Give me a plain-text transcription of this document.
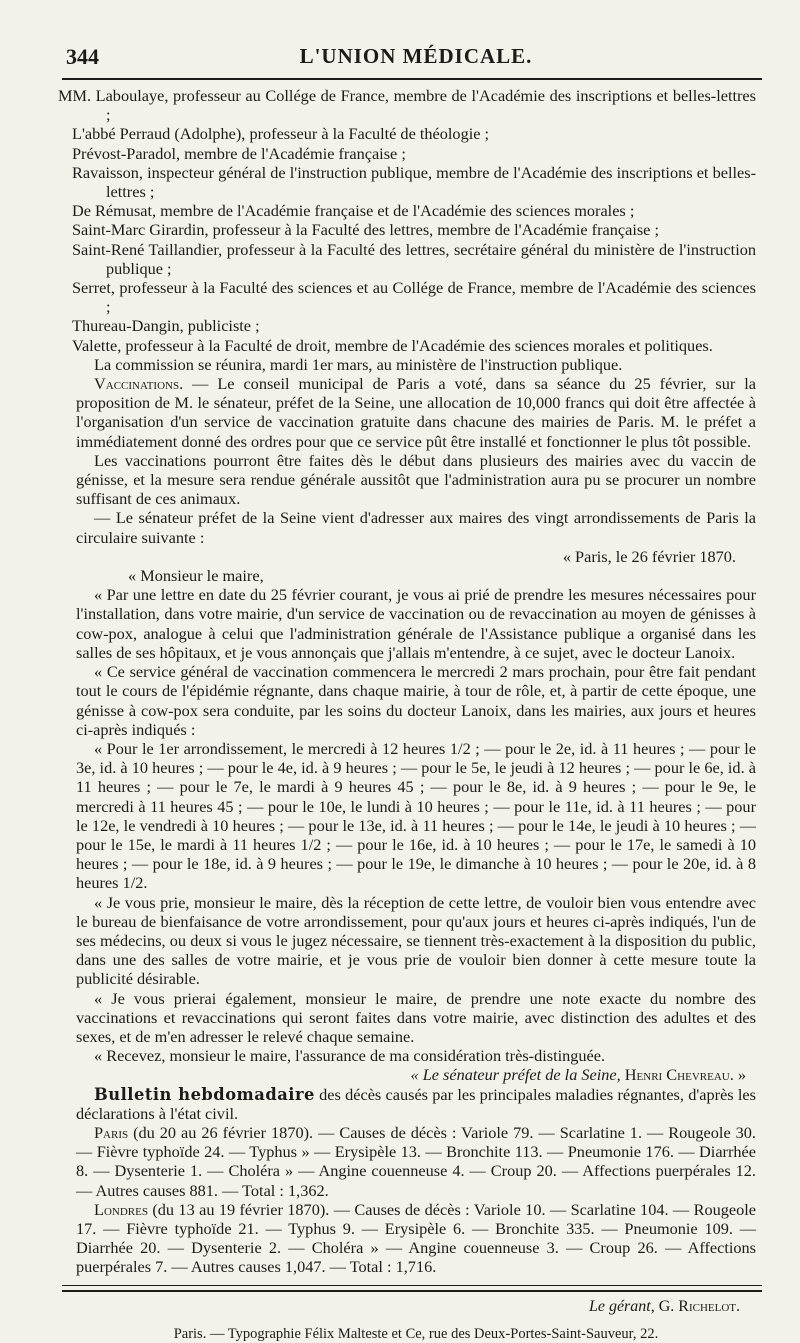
344	L'UNION MÉDICALE.

MM. Laboulaye, professeur au Collége de France, membre de l'Académie des inscriptions et belles-lettres ;

L'abbé Perraud (Adolphe), professeur à la Faculté de théologie ;

Prévost-Paradol, membre de l'Académie française ;

Ravaisson, inspecteur général de l'instruction publique, membre de l'Académie des inscriptions et belles-lettres ;

De Rémusat, membre de l'Académie française et de l'Académie des sciences morales ;

Saint-Marc Girardin, professeur à la Faculté des lettres, membre de l'Académie française ;

Saint-René Taillandier, professeur à la Faculté des lettres, secrétaire général du ministère de l'instruction publique ;

Serret, professeur à la Faculté des sciences et au Collége de France, membre de l'Académie des sciences ;

Thureau-Dangin, publiciste ;

Valette, professeur à la Faculté de droit, membre de l'Académie des sciences morales et politiques.

La commission se réunira, mardi 1er mars, au ministère de l'instruction publique.

Vaccinations. — Le conseil municipal de Paris a voté, dans sa séance du 25 février, sur la proposition de M. le sénateur, préfet de la Seine, une allocation de 10,000 francs qui doit être affectée à l'organisation d'un service de vaccination gratuite dans chacune des mairies de Paris. M. le préfet a immédiatement donné des ordres pour que ce service pût être installé et fonctionner le plus tôt possible.

Les vaccinations pourront être faites dès le début dans plusieurs des mairies avec du vaccin de génisse, et la mesure sera rendue générale aussitôt que l'administration aura pu se procurer un nombre suffisant de ces animaux.

— Le sénateur préfet de la Seine vient d'adresser aux maires des vingt arrondissements de Paris la circulaire suivante :

« Paris, le 26 février 1870.

« Monsieur le maire,

« Par une lettre en date du 25 février courant, je vous ai prié de prendre les mesures nécessaires pour l'installation, dans votre mairie, d'un service de vaccination ou de revaccination au moyen de génisses à cow-pox, analogue à celui que l'administration générale de l'Assistance publique a organisé dans les salles de ses hôpitaux, et je vous annonçais que j'allais m'entendre, à ce sujet, avec le docteur Lanoix.

« Ce service général de vaccination commencera le mercredi 2 mars prochain, pour être fait pendant tout le cours de l'épidémie régnante, dans chaque mairie, à tour de rôle, et, à partir de cette époque, une génisse à cow-pox sera conduite, par les soins du docteur Lanoix, dans les mairies, aux jours et heures ci-après indiqués :

« Pour le 1er arrondissement, le mercredi à 12 heures 1/2 ; — pour le 2e, id. à 11 heures ; — pour le 3e, id. à 10 heures ; — pour le 4e, id. à 9 heures ; — pour le 5e, le jeudi à 12 heures ; — pour le 6e, id. à 11 heures ; — pour le 7e, le mardi à 9 heures 45 ; — pour le 8e, id. à 9 heures ; — pour le 9e, le mercredi à 11 heures 45 ; — pour le 10e, le lundi à 10 heures ; — pour le 11e, id. à 11 heures ; — pour le 12e, le vendredi à 10 heures ; — pour le 13e, id. à 11 heures ; — pour le 14e, le jeudi à 10 heures ; — pour le 15e, le mardi à 11 heures 1/2 ; — pour le 16e, id. à 10 heures ; — pour le 17e, le samedi à 10 heures ; — pour le 18e, id. à 9 heures ; — pour le 19e, le dimanche à 10 heures ; — pour le 20e, id. à 8 heures 1/2.

« Je vous prie, monsieur le maire, dès la réception de cette lettre, de vouloir bien vous entendre avec le bureau de bienfaisance de votre arrondissement, pour qu'aux jours et heures ci-après indiqués, l'un de ses médecins, ou deux si vous le jugez nécessaire, se tiennent très-exactement à la disposition du public, dans une des salles de votre mairie, et je vous prie de vouloir bien donner à cette mesure toute la publicité désirable.

« Je vous prierai également, monsieur le maire, de prendre une note exacte du nombre des vaccinations et revaccinations qui seront faites dans votre mairie, avec distinction des adultes et des sexes, et de m'en adresser le relevé chaque semaine.

« Recevez, monsieur le maire, l'assurance de ma considération très-distinguée.

« Le sénateur préfet de la Seine, Henri Chevreau. »

Bulletin hebdomadaire des décès causés par les principales maladies régnantes, d'après les déclarations à l'état civil.

Paris (du 20 au 26 février 1870). — Causes de décès : Variole 79. — Scarlatine 1. — Rougeole 30. — Fièvre typhoïde 24. — Typhus » — Erysipèle 13. — Bronchite 113. — Pneumonie 176. — Diarrhée 8. — Dysenterie 1. — Choléra » — Angine couenneuse 4. — Croup 20. — Affections puerpérales 12. — Autres causes 881. — Total : 1,362.

Londres (du 13 au 19 février 1870). — Causes de décès : Variole 10. — Scarlatine 104. — Rougeole 17. — Fièvre typhoïde 21. — Typhus 9. — Erysipèle 6. — Bronchite 335. — Pneumonie 109. — Diarrhée 20. — Dysenterie 2. — Choléra » — Angine couenneuse 3. — Croup 26. — Affections puerpérales 7. — Autres causes 1,047. — Total : 1,716.

Le gérant, G. Richelot.
Paris. — Typographie Félix Malteste et Ce, rue des Deux-Portes-Saint-Sauveur, 22.
